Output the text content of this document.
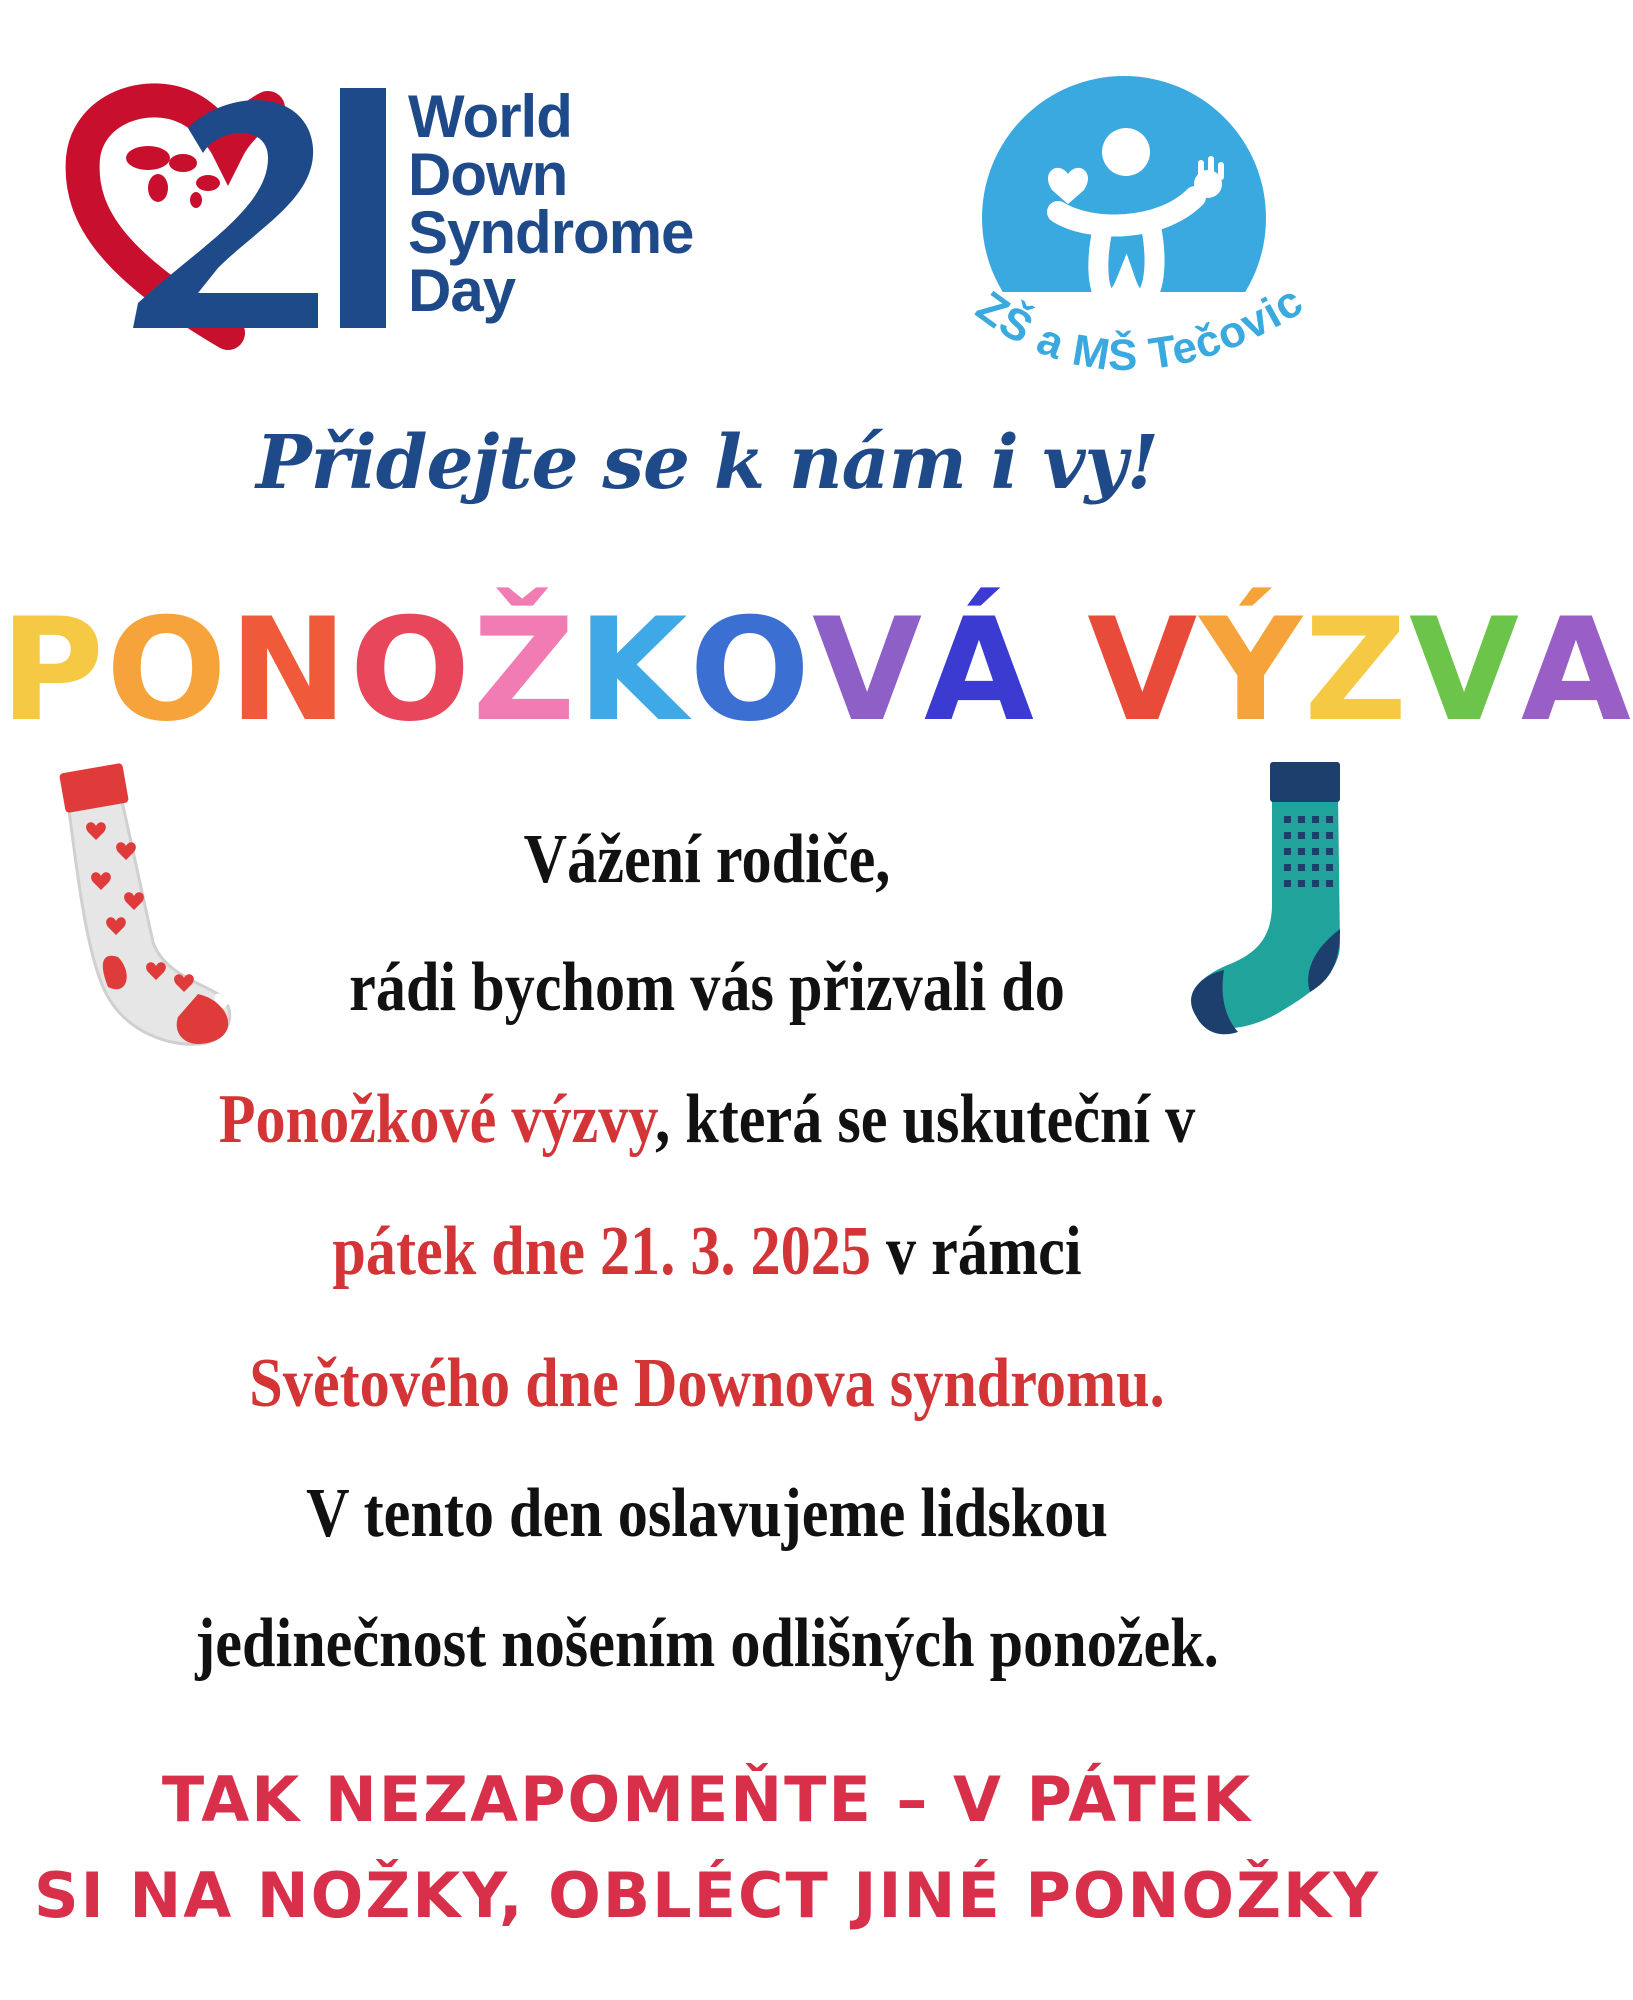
World
Down
Syndrome
Day	ZŠ a MŠ Tečovic
Přidejte se k nám i vy!
PONOŽKOVÁ VÝZVA
Vážení rodiče,
rádi bychom vás přizvali do
Ponožkové výzvy, která se uskuteční v
pátek dne 21. 3. 2025 v rámci
Světového dne Downova syndromu.
V tento den oslavujeme lidskou
jedinečnost nošením odlišných ponožek.
TAK NEZAPOMEŇTE – V PÁTEK
SI NA NOŽKY, OBLÉCT JINÉ PONOŽKY
